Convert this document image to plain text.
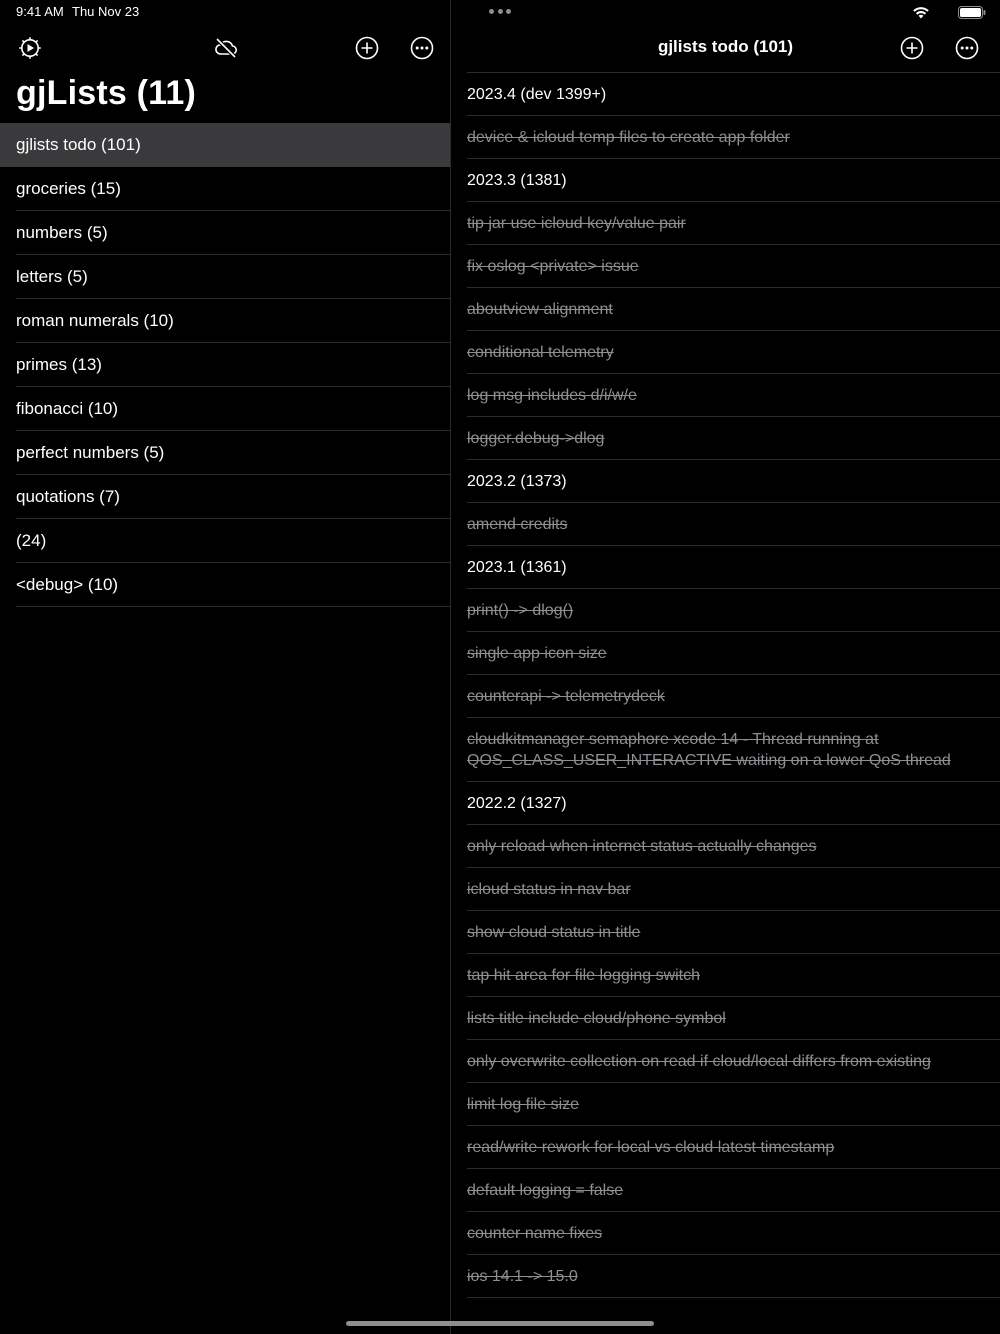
9:41 AM Thu Nov 23
gjLists (11)
gjlists todo (101)
groceries (15)
numbers (5)
letters (5)
roman numerals (10)
primes (13)
fibonacci (10)
perfect numbers (5)
quotations (7)
(24)
<debug> (10)
gjlists todo (101)
2023.4 (dev 1399+)
device & icloud temp files to create app folder
2023.3 (1381)
tip jar use icloud key/value pair
fix oslog <private> issue
aboutview alignment
conditional telemetry
log msg includes d/i/w/e
logger.debug->dlog
2023.2 (1373)
amend credits
2023.1 (1361)
print() -> dlog()
single app icon size
counterapi -> telemetrydeck
cloudkitmanager semaphore xcode 14 - Thread running at QOS_CLASS_USER_INTERACTIVE waiting on a lower QoS thread
2022.2 (1327)
only reload when internet status actually changes
icloud status in nav bar
show cloud status in title
tap hit area for file logging switch
lists title include cloud/phone symbol
only overwrite collection on read if cloud/local differs from existing
limit log file size
read/write rework for local vs cloud latest timestamp
default logging = false
counter name fixes
ios 14.1 -> 15.0
